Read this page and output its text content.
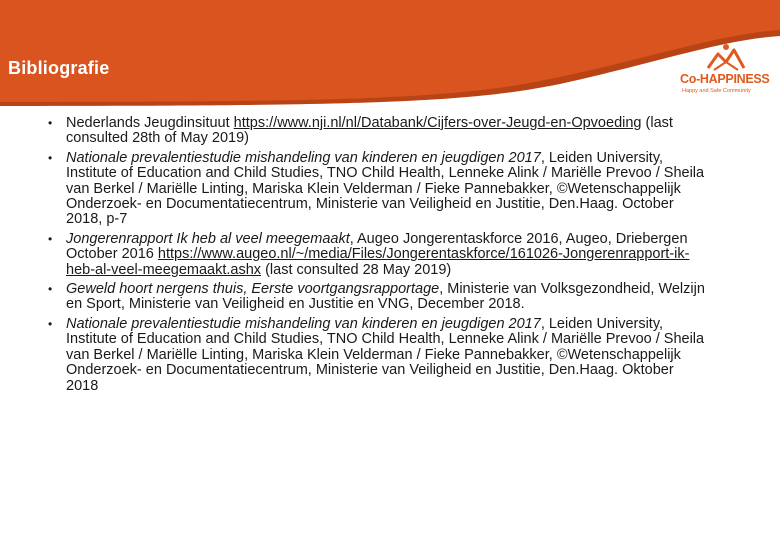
Bibliografie
Co-HAPPINESS
Happy and Safe Community
• Nederlands Jeugdinsituut https://www.nji.nl/nl/Databank/Cijfers-over-Jeugd-en-Opvoeding (last consulted 28th of May 2019)
• Nationale prevalentiestudie mishandeling van kinderen en jeugdigen 2017, Leiden University, Institute of Education and Child Studies, TNO Child Health, Lenneke Alink / Mariëlle Prevoo / Sheila van Berkel / Mariëlle Linting, Mariska Klein Velderman / Fieke Pannebakker, ©Wetenschappelijk Onderzoek- en Documentatiecentrum, Ministerie van Veiligheid en Justitie, Den.Haag. October 2018, p-7
• Jongerenrapport Ik heb al veel meegemaakt, Augeo Jongerentaskforce 2016, Augeo, Driebergen October 2016 https://www.augeo.nl/~/media/Files/Jongerentaskforce/161026-Jongerenrapport-ik-heb-al-veel-meegemaakt.ashx (last consulted 28 May 2019)
• Geweld hoort nergens thuis, Eerste voortgangsrapportage, Ministerie van Volksgezondheid, Welzijn en Sport, Ministerie van Veiligheid en Justitie en VNG, December 2018.
• Nationale prevalentiestudie mishandeling van kinderen en jeugdigen 2017, Leiden University, Institute of Education and Child Studies, TNO Child Health, Lenneke Alink / Mariëlle Prevoo / Sheila van Berkel / Mariëlle Linting, Mariska Klein Velderman / Fieke Pannebakker, ©Wetenschappelijk Onderzoek- en Documentatiecentrum, Ministerie van Veiligheid en Justitie, Den.Haag. Oktober 2018
